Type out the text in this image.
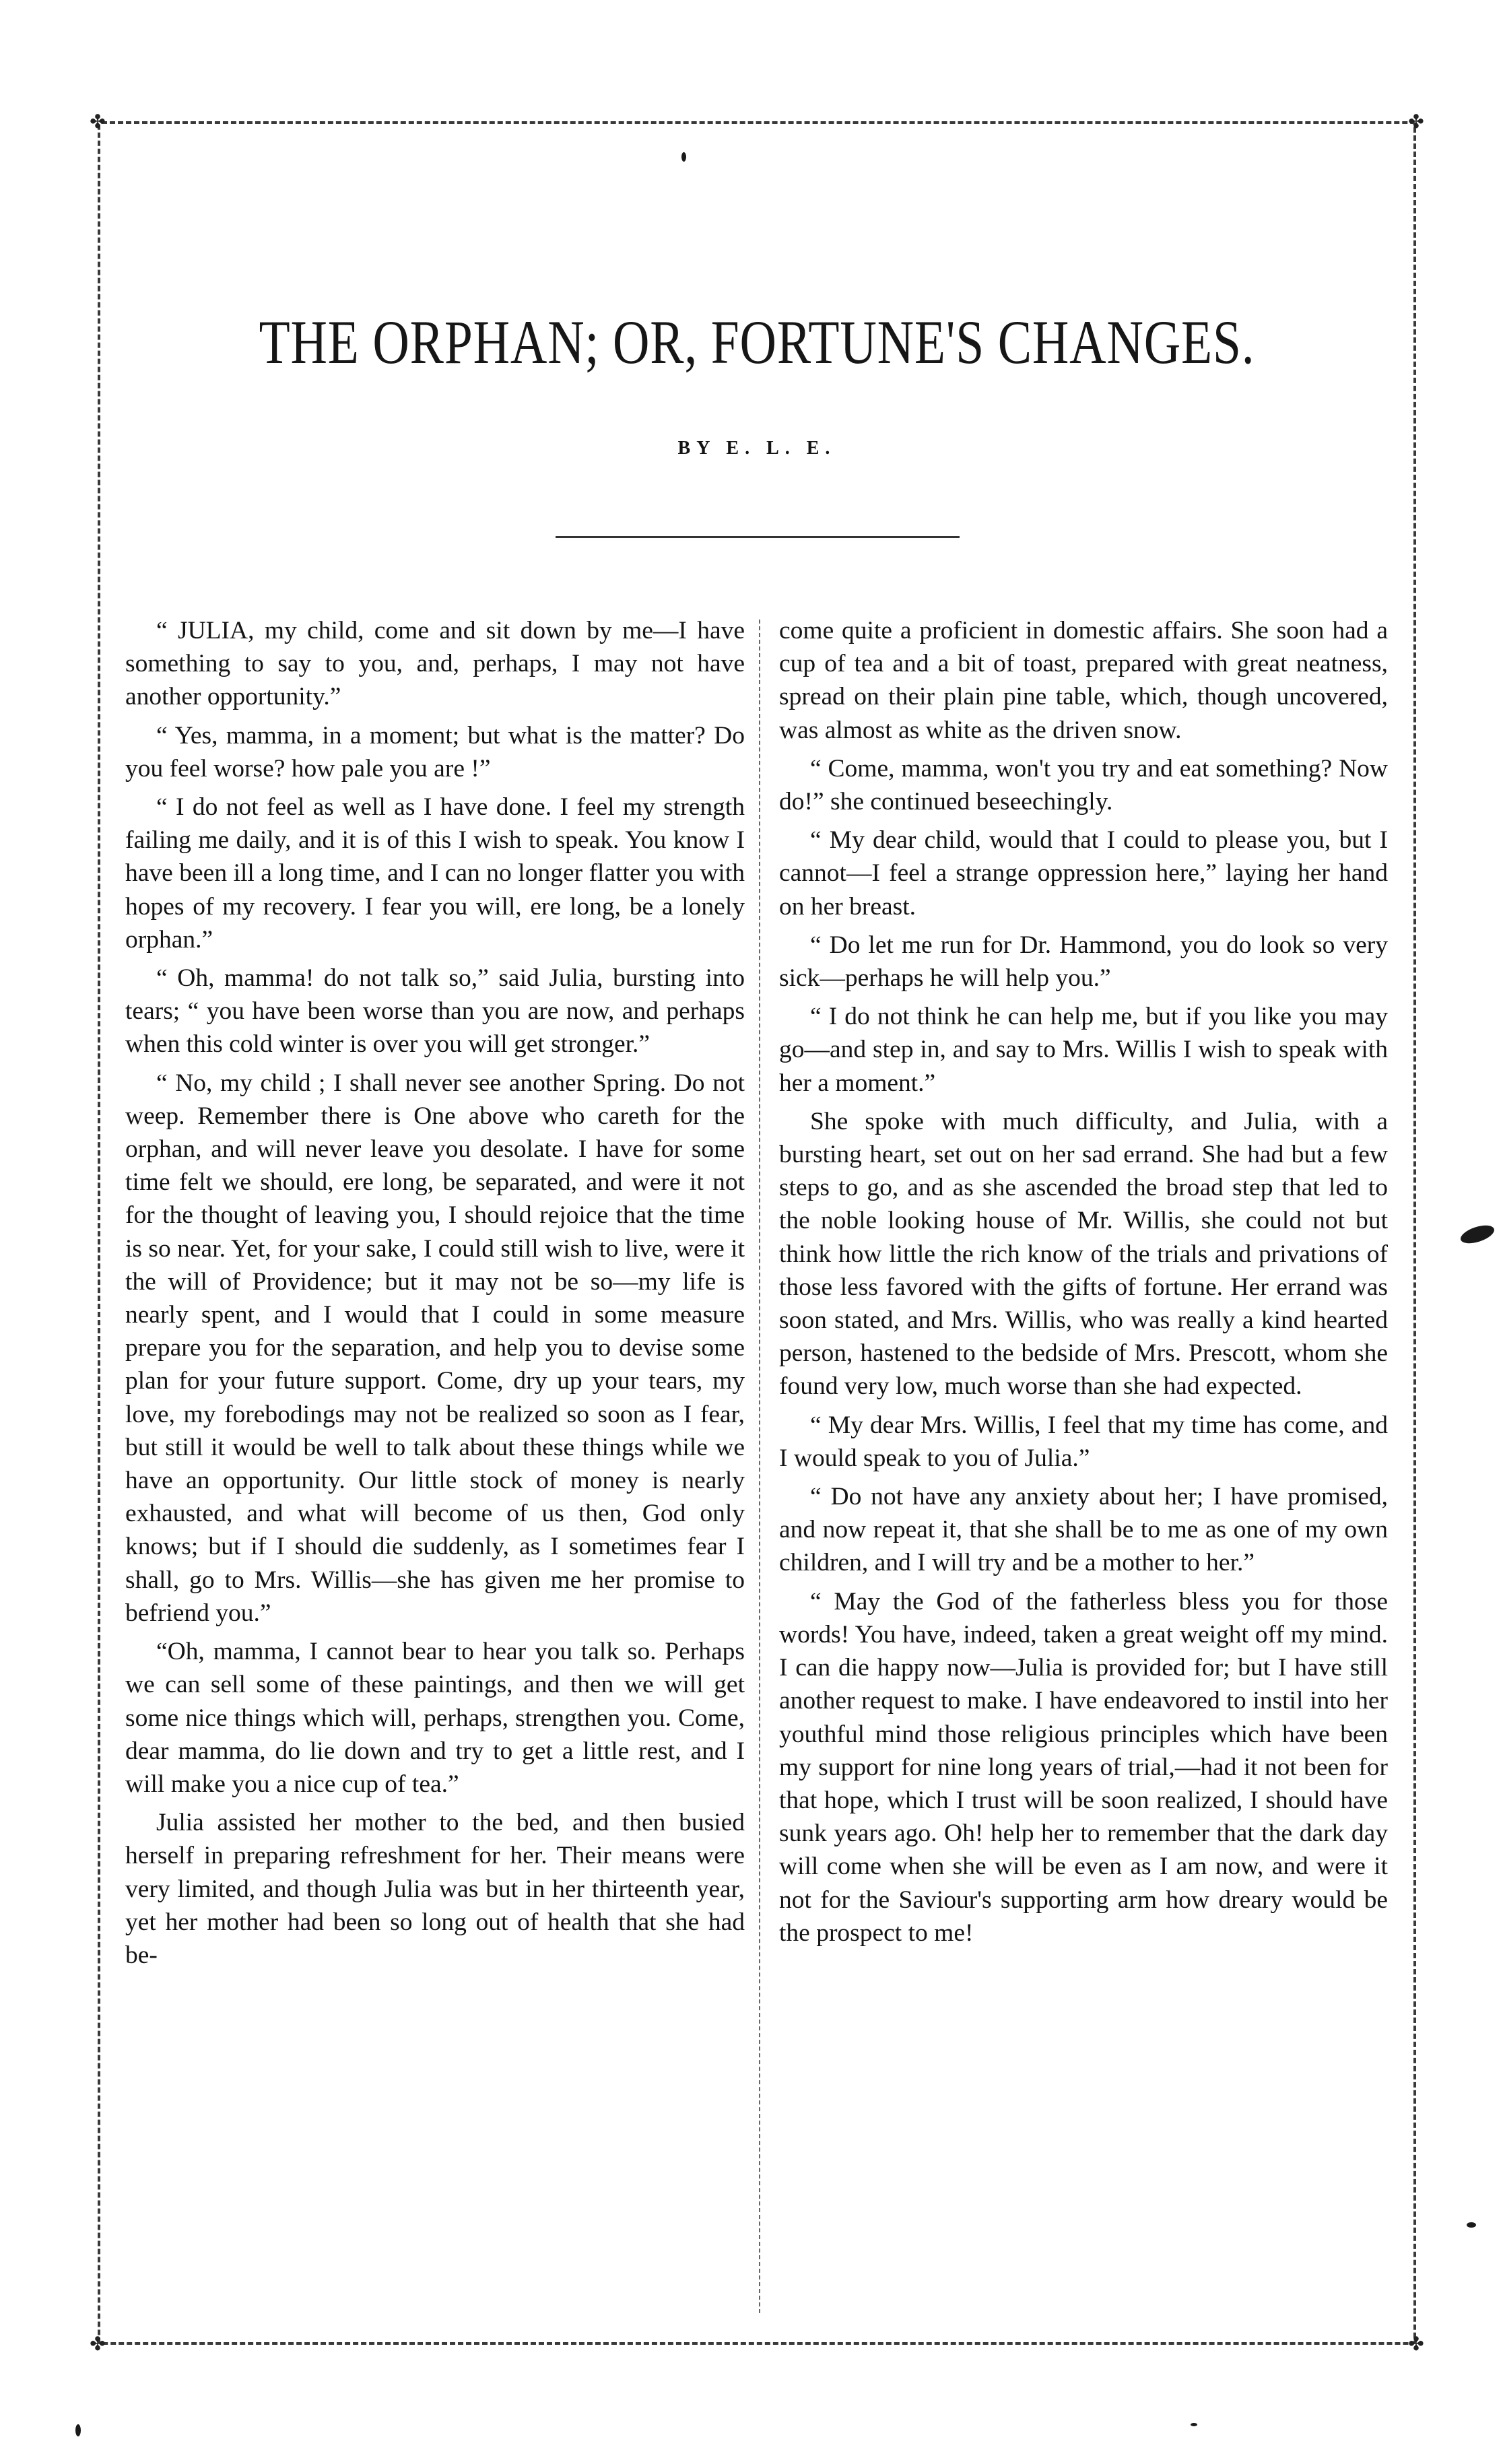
✤	✤
✤	✤
THE ORPHAN; OR, FORTUNE'S CHANGES.
BY E. L. E.

“ JULIA, my child, come and sit down by me—I have something to say to you, and, perhaps, I may not have another opportunity.”

“ Yes, mamma, in a moment; but what is the matter? Do you feel worse? how pale you are !”

“ I do not feel as well as I have done. I feel my strength failing me daily, and it is of this I wish to speak. You know I have been ill a long time, and I can no longer flatter you with hopes of my recovery. I fear you will, ere long, be a lonely orphan.”

“ Oh, mamma! do not talk so,” said Julia, bursting into tears; “ you have been worse than you are now, and perhaps when this cold winter is over you will get stronger.”

“ No, my child ; I shall never see another Spring. Do not weep. Remember there is One above who careth for the orphan, and will never leave you desolate. I have for some time felt we should, ere long, be separated, and were it not for the thought of leaving you, I should rejoice that the time is so near. Yet, for your sake, I could still wish to live, were it the will of Providence; but it may not be so—my life is nearly spent, and I would that I could in some measure prepare you for the separation, and help you to devise some plan for your future support. Come, dry up your tears, my love, my forebodings may not be realized so soon as I fear, but still it would be well to talk about these things while we have an opportunity. Our little stock of money is nearly exhausted, and what will become of us then, God only knows; but if I should die suddenly, as I sometimes fear I shall, go to Mrs. Willis—she has given me her promise to befriend you.”

“Oh, mamma, I cannot bear to hear you talk so. Perhaps we can sell some of these paintings, and then we will get some nice things which will, perhaps, strengthen you. Come, dear mamma, do lie down and try to get a little rest, and I will make you a nice cup of tea.”

Julia assisted her mother to the bed, and then busied herself in preparing refreshment for her. Their means were very limited, and though Julia was but in her thirteenth year, yet her mother had been so long out of health that she had be-

come quite a proficient in domestic affairs. She soon had a cup of tea and a bit of toast, prepared with great neatness, spread on their plain pine table, which, though uncovered, was almost as white as the driven snow.

“ Come, mamma, won't you try and eat something? Now do!” she continued beseechingly.

“ My dear child, would that I could to please you, but I cannot—I feel a strange oppression here,” laying her hand on her breast.

“ Do let me run for Dr. Hammond, you do look so very sick—perhaps he will help you.”

“ I do not think he can help me, but if you like you may go—and step in, and say to Mrs. Willis I wish to speak with her a moment.”

She spoke with much difficulty, and Julia, with a bursting heart, set out on her sad errand. She had but a few steps to go, and as she ascended the broad step that led to the noble looking house of Mr. Willis, she could not but think how little the rich know of the trials and privations of those less favored with the gifts of fortune. Her errand was soon stated, and Mrs. Willis, who was really a kind hearted person, hastened to the bedside of Mrs. Prescott, whom she found very low, much worse than she had expected.

“ My dear Mrs. Willis, I feel that my time has come, and I would speak to you of Julia.”

“ Do not have any anxiety about her; I have promised, and now repeat it, that she shall be to me as one of my own children, and I will try and be a mother to her.”

“ May the God of the fatherless bless you for those words! You have, indeed, taken a great weight off my mind. I can die happy now—Julia is provided for; but I have still another request to make. I have endeavored to instil into her youthful mind those religious principles which have been my support for nine long years of trial,—had it not been for that hope, which I trust will be soon realized, I should have sunk years ago. Oh! help her to remember that the dark day will come when she will be even as I am now, and were it not for the Saviour's supporting arm how dreary would be the prospect to me!
